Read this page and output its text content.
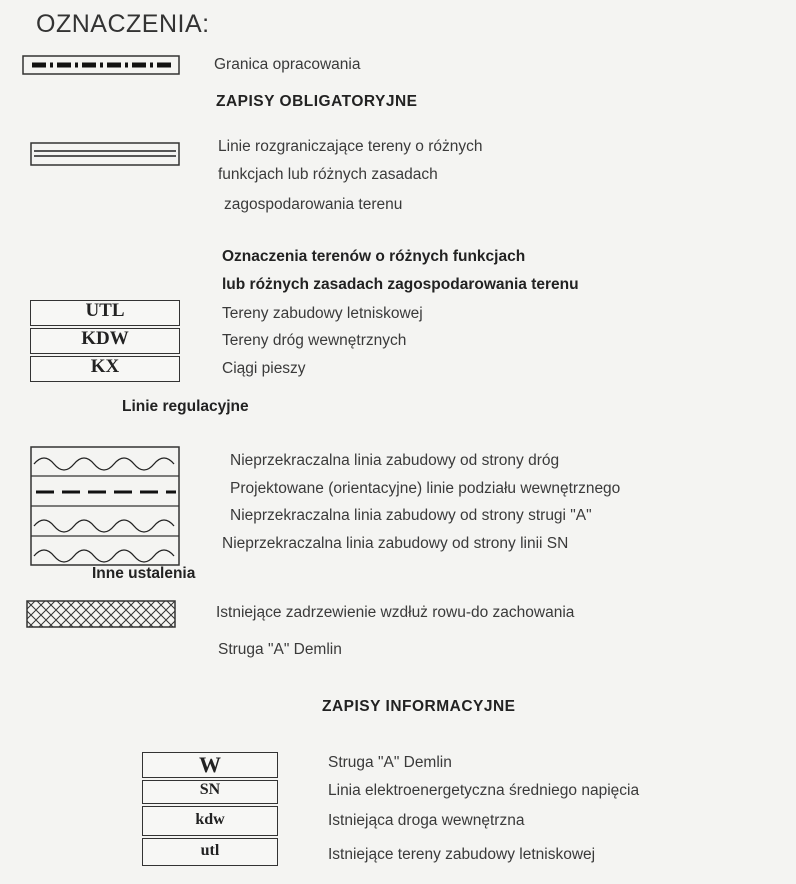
OZNACZENIA:
Granica opracowania
ZAPISY OBLIGATORYJNE
Linie rozgraniczające tereny o różnych
funkcjach lub różnych zasadach
zagospodarowania terenu
Oznaczenia terenów o różnych funkcjach
lub różnych zasadach zagospodarowania terenu
UTL	Tereny zabudowy letniskowej
KDW	Tereny dróg wewnętrznych
KX	Ciągi pieszy
Linie regulacyjne
Nieprzekraczalna linia zabudowy od strony dróg
Projektowane (orientacyjne) linie podziału wewnętrznego
Nieprzekraczalna linia zabudowy od strony strugi "A"
Nieprzekraczalna linia zabudowy od strony linii SN
Inne ustalenia
Istniejące zadrzewienie wzdłuż rowu-do zachowania
Struga "A" Demlin
ZAPISY INFORMACYJNE
W	Struga "A" Demlin
SN	Linia elektroenergetyczna średniego napięcia
kdw	Istniejąca droga wewnętrzna
utl	Istniejące tereny zabudowy letniskowej
